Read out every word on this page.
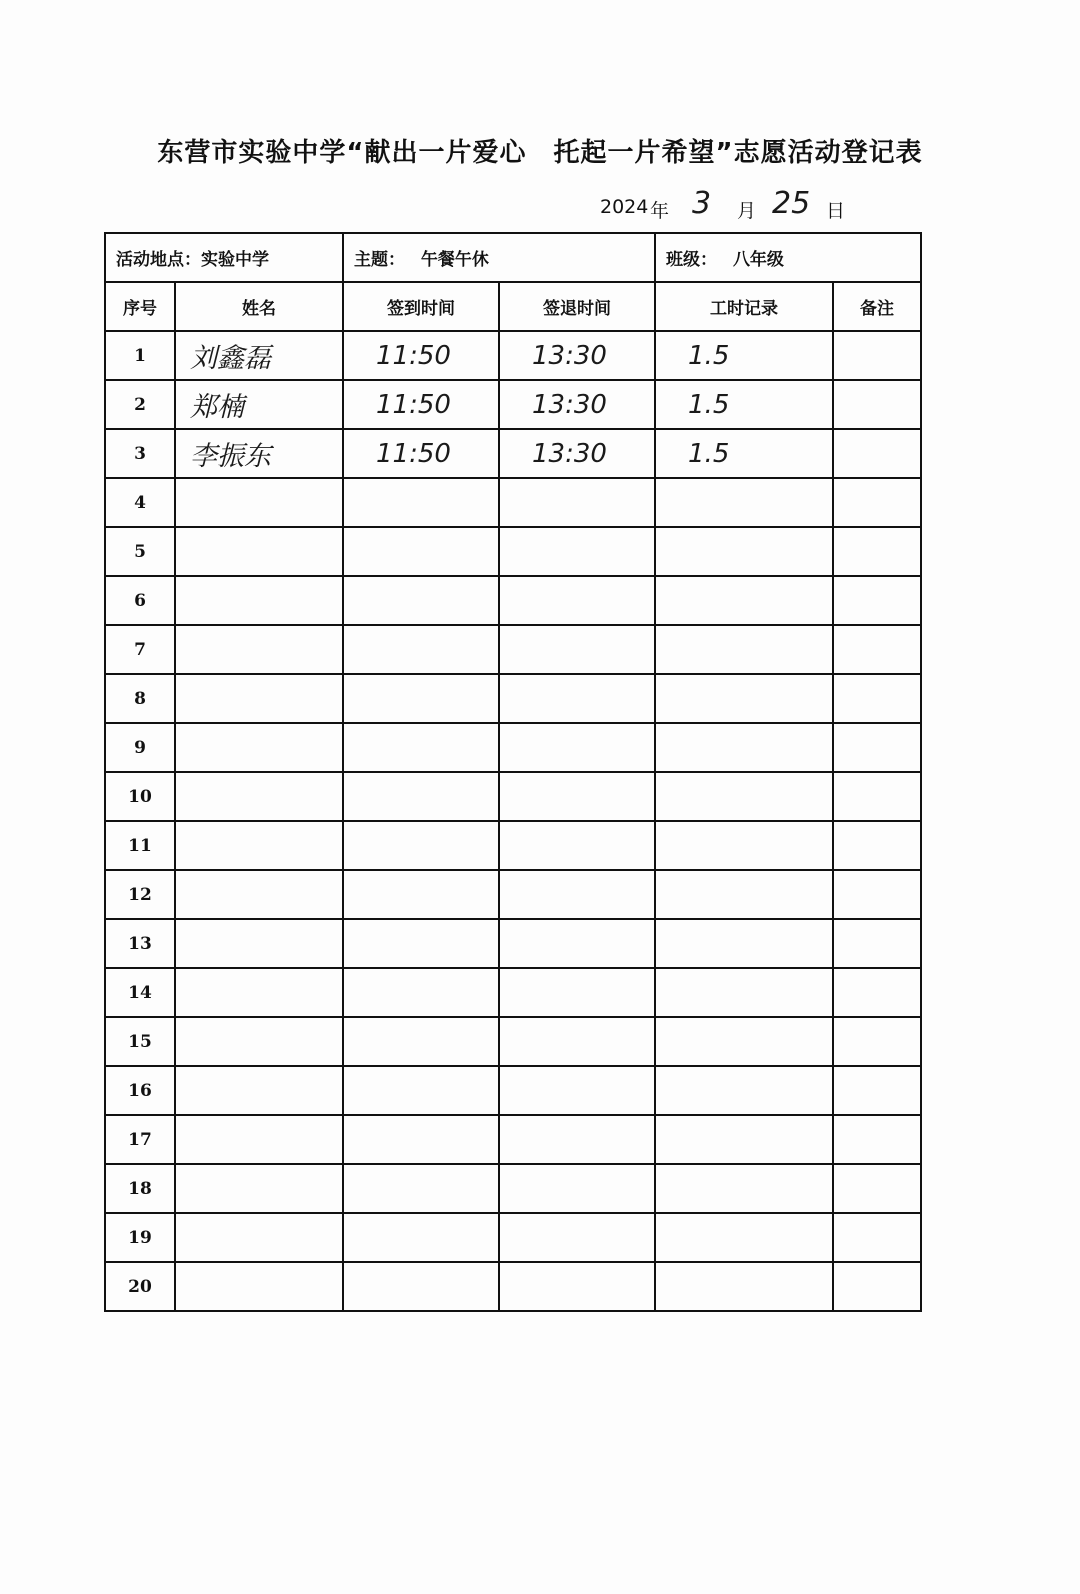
东营市实验中学“献出一片爱心　托起一片希望”志愿活动登记表
2024 年 3 月 25 日
活动地点：实验中学		主题： 午餐午休		班级： 八年级	
序号	姓名	签到时间	签退时间	工时记录	备注
1	刘鑫磊	11:50	13:30	1.5	
2	郑楠	11:50	13:30	1.5	
3	李振东	11:50	13:30	1.5	
4					
5					
6					
7					
8					
9					
10					
11					
12					
13					
14					
15					
16					
17					
18					
19					
20					
